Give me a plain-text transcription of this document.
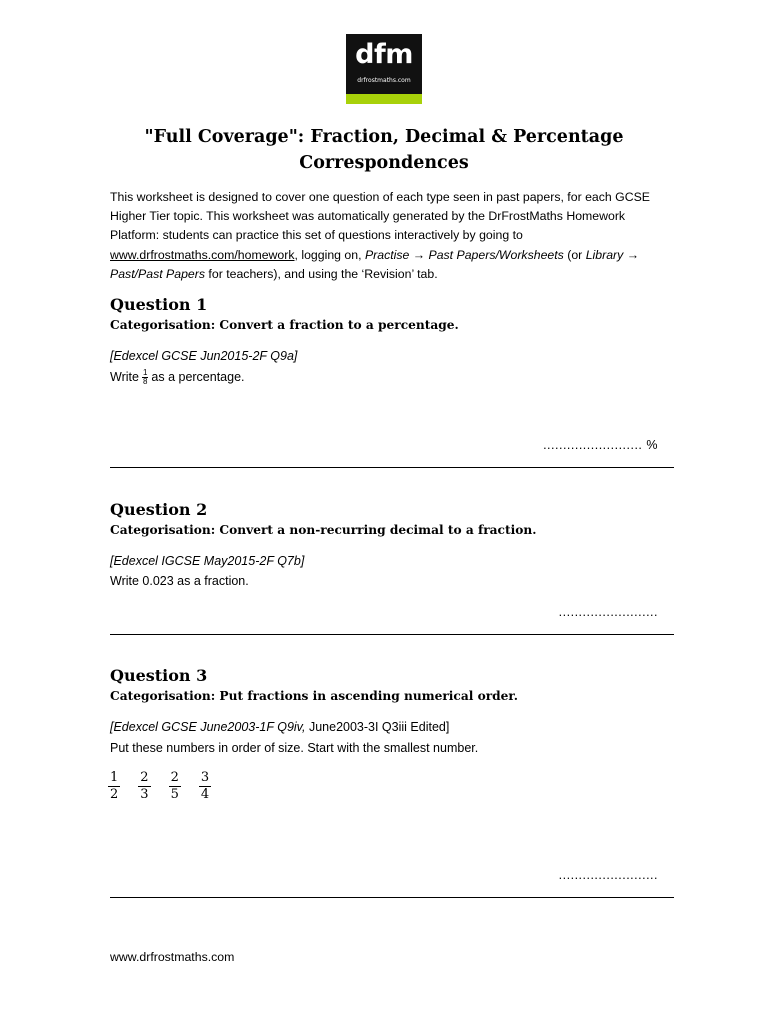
dfm
drfrostmaths.com
"Full Coverage": Fraction, Decimal & Percentage Correspondences

This worksheet is designed to cover one question of each type seen in past papers, for each GCSE Higher Tier topic. This worksheet was automatically generated by the DrFrostMaths Homework Platform: students can practice this set of questions interactively by going to www.drfrostmaths.com/homework, logging on, Practise → Past Papers/Worksheets (or Library → Past/Past Papers for teachers), and using the ‘Revision’ tab.

Question 1

Categorisation: Convert a fraction to a percentage.

[Edexcel GCSE Jun2015-2F Q9a]

Write $\frac{1}{8}$ as a percentage.

......................... %
Question 2

Categorisation: Convert a non-recurring decimal to a fraction.

[Edexcel IGCSE May2015-2F Q7b]

Write 0.023 as a fraction.

.........................
Question 3

Categorisation: Put fractions in ascending numerical order.

[Edexcel GCSE June2003-1F Q9iv, June2003-3I Q3iii Edited]

Put these numbers in order of size. Start with the smallest number.

$\frac{1}{2} \frac{2}{3} \frac{2}{5} \frac{3}{4}$
.........................
www.drfrostmaths.com
